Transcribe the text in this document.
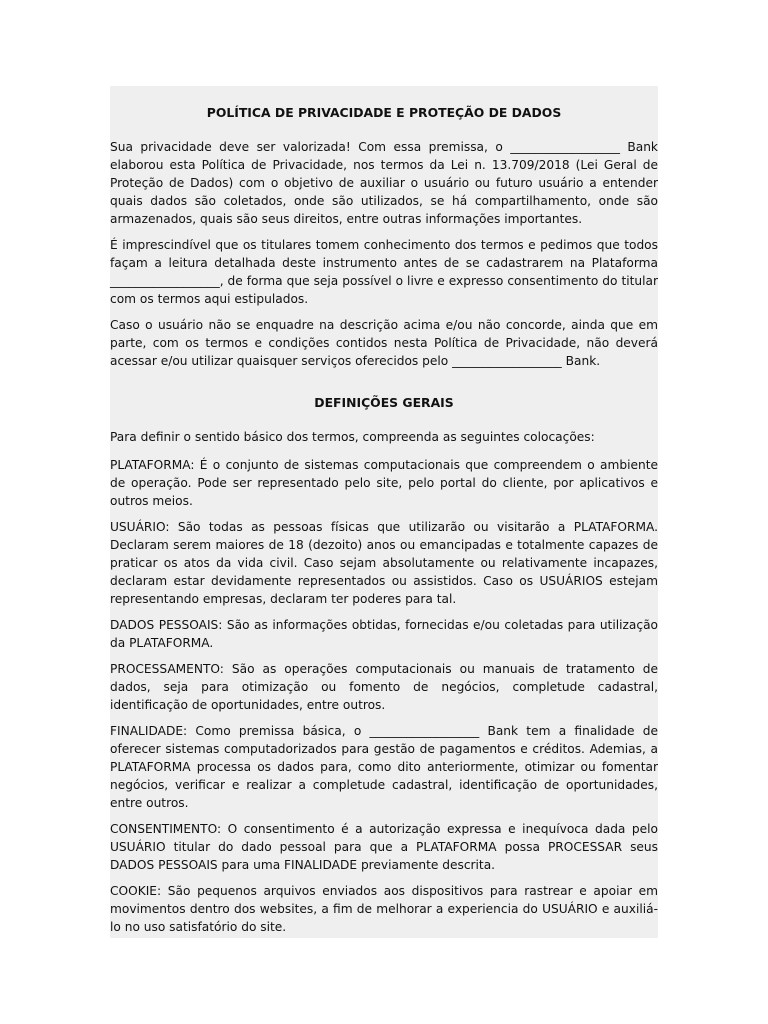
POLÍTICA DE PRIVACIDADE E PROTEÇÃO DE DADOS
Sua privacidade deve ser valorizada! Com essa premissa, o __________________ Bank elaborou esta Política de Privacidade, nos termos da Lei n. 13.709/2018 (Lei Geral de Proteção de Dados) com o objetivo de auxiliar o usuário ou futuro usuário a entender quais dados são coletados, onde são utilizados, se há compartilhamento, onde são armazenados, quais são seus direitos, entre outras informações importantes.
É imprescindível que os titulares tomem conhecimento dos termos e pedimos que todos façam a leitura detalhada deste instrumento antes de se cadastrarem na Plataforma __________________, de forma que seja possível o livre e expresso consentimento do titular com os termos aqui estipulados.
Caso o usuário não se enquadre na descrição acima e/ou não concorde, ainda que em parte, com os termos e condições contidos nesta Política de Privacidade, não deverá acessar e/ou utilizar quaisquer serviços oferecidos pelo __________________ Bank.
DEFINIÇÕES GERAIS
Para definir o sentido básico dos termos, compreenda as seguintes colocações:
PLATAFORMA: É o conjunto de sistemas computacionais que compreendem o ambiente de operação. Pode ser representado pelo site, pelo portal do cliente, por aplicativos e outros meios.
USUÁRIO: São todas as pessoas físicas que utilizarão ou visitarão a PLATAFORMA. Declaram serem maiores de 18 (dezoito) anos ou emancipadas e totalmente capazes de praticar os atos da vida civil. Caso sejam absolutamente ou relativamente incapazes, declaram estar devidamente representados ou assistidos. Caso os USUÁRIOS estejam representando empresas, declaram ter poderes para tal.
DADOS PESSOAIS: São as informações obtidas, fornecidas e/ou coletadas para utilização da PLATAFORMA.
PROCESSAMENTO: São as operações computacionais ou manuais de tratamento de dados, seja para otimização ou fomento de negócios, completude cadastral, identificação de oportunidades, entre outros.
FINALIDADE: Como premissa básica, o __________________ Bank tem a finalidade de oferecer sistemas computadorizados para gestão de pagamentos e créditos. Ademias, a PLATAFORMA processa os dados para, como dito anteriormente, otimizar ou fomentar negócios, verificar e realizar a completude cadastral, identificação de oportunidades, entre outros.
CONSENTIMENTO: O consentimento é a autorização expressa e inequívoca dada pelo USUÁRIO titular do dado pessoal para que a PLATAFORMA possa PROCESSAR seus DADOS PESSOAIS para uma FINALIDADE previamente descrita.
COOKIE: São pequenos arquivos enviados aos dispositivos para rastrear e apoiar em movimentos dentro dos websites, a fim de melhorar a experiencia do USUÁRIO e auxiliá-lo no uso satisfatório do site.
